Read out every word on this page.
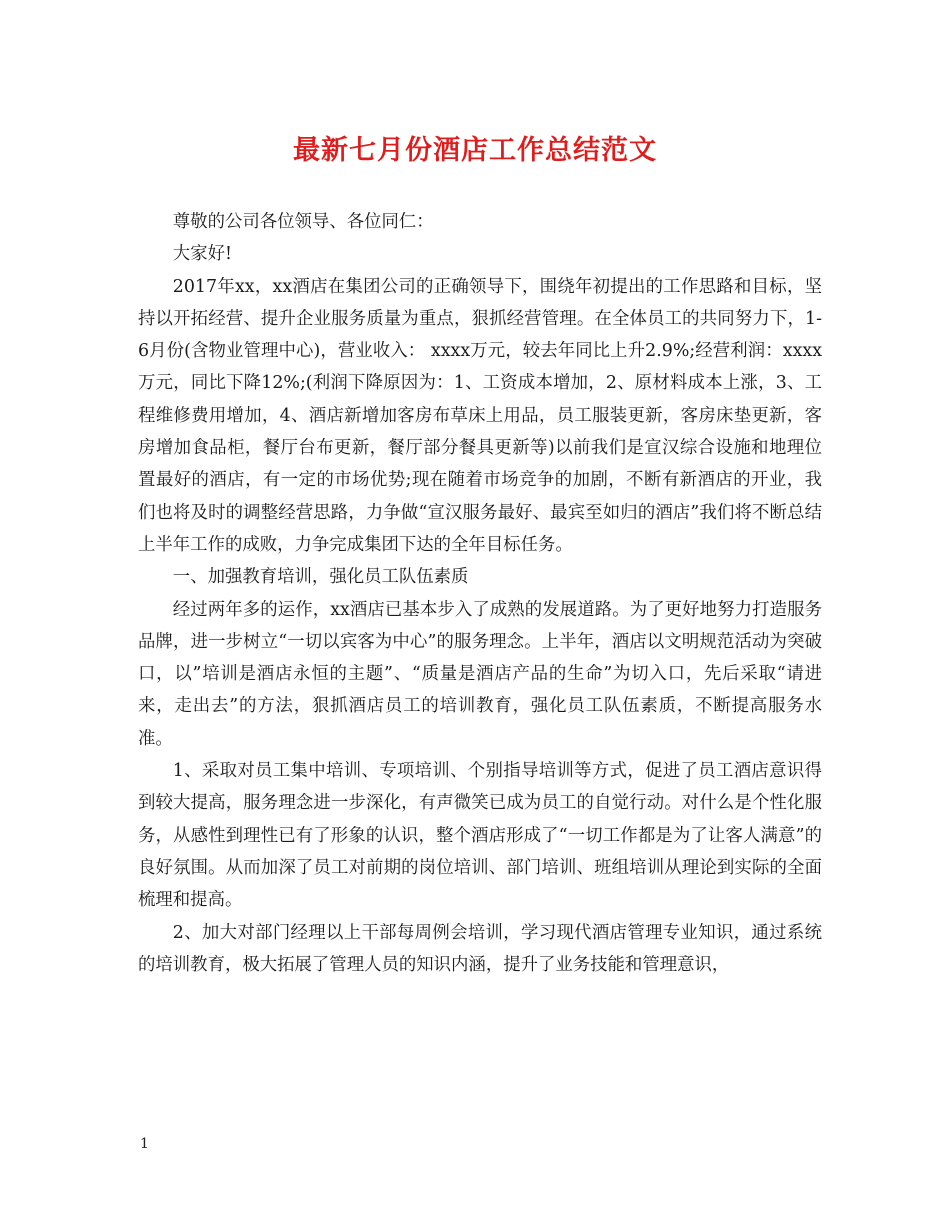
最新七月份酒店工作总结范文

尊敬的公司各位领导、各位同仁：

大家好!

2017年xx，xx酒店在集团公司的正确领导下，围绕年初提出的工作思路和目标，坚持以开拓经营、提升企业服务质量为重点，狠抓经营管理。在全体员工的共同努力下，1-6月份(含物业管理中心)，营业收入： xxxx万元，较去年同比上升2.9%;经营利润：xxxx万元，同比下降12%;(利润下降原因为：1、工资成本增加，2、原材料成本上涨，3、工程维修费用增加，4、酒店新增加客房布草床上用品，员工服装更新，客房床垫更新，客房增加食品柜，餐厅台布更新，餐厅部分餐具更新等)以前我们是宣汉综合设施和地理位置最好的酒店，有一定的市场优势;现在随着市场竞争的加剧，不断有新酒店的开业，我们也将及时的调整经营思路，力争做“宣汉服务最好、最宾至如归的酒店”我们将不断总结上半年工作的成败，力争完成集团下达的全年目标任务。

一、加强教育培训，强化员工队伍素质

经过两年多的运作，xx酒店已基本步入了成熟的发展道路。为了更好地努力打造服务品牌，进一步树立“一切以宾客为中心”的服务理念。上半年，酒店以文明规范活动为突破口，以”培训是酒店永恒的主题”、“质量是酒店产品的生命”为切入口，先后采取“请进来，走出去”的方法，狠抓酒店员工的培训教育，强化员工队伍素质，不断提高服务水准。

1、采取对员工集中培训、专项培训、个别指导培训等方式，促进了员工酒店意识得到较大提高，服务理念进一步深化，有声微笑已成为员工的自觉行动。对什么是个性化服务，从感性到理性已有了形象的认识，整个酒店形成了“一切工作都是为了让客人满意”的良好氛围。从而加深了员工对前期的岗位培训、部门培训、班组培训从理论到实际的全面梳理和提高。

2、加大对部门经理以上干部每周例会培训，学习现代酒店管理专业知识，通过系统的培训教育，极大拓展了管理人员的知识内涵，提升了业务技能和管理意识，

1
